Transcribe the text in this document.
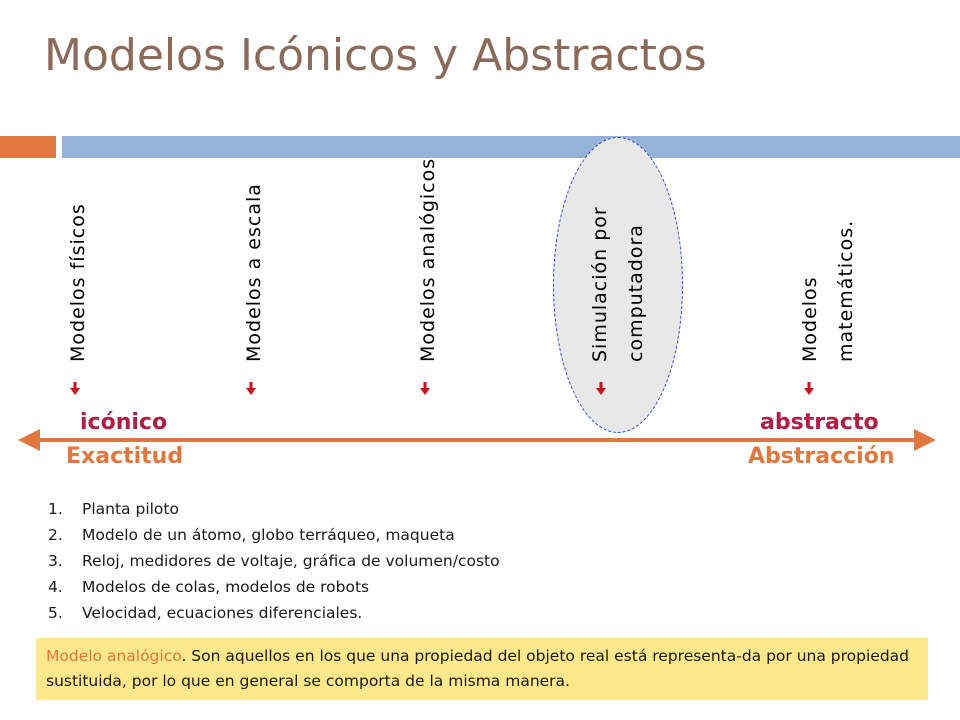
Modelos Icónicos y Abstractos
Modelos físicos	Modelos a escala	Modelos analógicos	Simulación por computadora	Modelos matemáticos.
icónico	abstracto
Exactitud	Abstracción
1. Planta piloto
2. Modelo de un átomo, globo terráqueo, maqueta
3. Reloj, medidores de voltaje, gráfica de volumen/costo
4. Modelos de colas, modelos de robots
5. Velocidad, ecuaciones diferenciales.
Modelo analógico. Son aquellos en los que una propiedad del objeto real está representa-da por una propiedad sustituida, por lo que en general se comporta de la misma manera.
